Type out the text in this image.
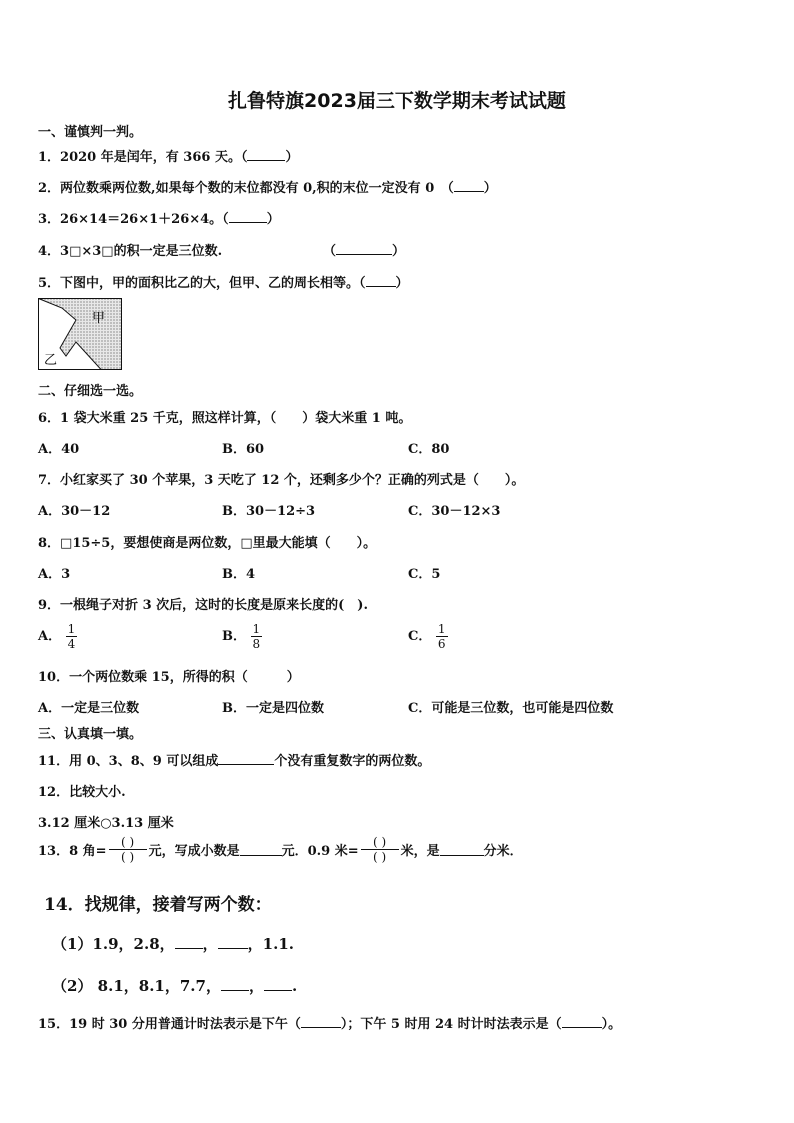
扎鲁特旗2023届三下数学期末考试试题
一、谨慎判一判。
1．2020 年是闰年，有 366 天。（	）
2．两位数乘两位数,如果每个数的末位都没有 0,积的末位一定没有 0　（ ）
3．26×14＝26×1＋26×4。（	）
4．3□×3□的积一定是三位数.	（	）
5．下图中，甲的面积比乙的大，但甲、乙的周长相等。（ ）
甲
乙
二、仔细选一选。
6．1 袋大米重 25 千克，照这样计算，（　　）袋大米重 1 吨。
A．40	B．60	C．80
7．小红家买了 30 个苹果，3 天吃了 12 个，还剩多少个？正确的列式是（　　）。
A．30－12	B．30－12÷3	C．30－12×3
8．□15÷5，要想使商是两位数，□里最大能填（　　）。
A．3	B．4	C．5
9．一根绳子对折 3 次后，这时的长度是原来长度的(　).
A． $\frac{1}{4}$	B． $\frac{1}{8}$	C． $\frac{1}{6}$
10．一个两位数乘 15，所得的积（　　　）
A．一定是三位数	B．一定是四位数	C．可能是三位数，也可能是四位数
三、认真填一填。
11．用 0、3、8、9 可以组成	个没有重复数字的两位数。
12．比较大小.
3.12 厘米○3.13 厘米
13．8 角= $\frac{( )}{( )}$ 元，写成小数是	元．0.9 米= $\frac{( )}{( )}$ 米，是	分米．
14．找规律，接着写两个数：
（1）1.9，2.8， ， ，1.1.
（2） 8.1，8.1，7.7， ， .
15．19 时 30 分用普通计时法表示是下午（	）；下午 5 时用 24 时计时法表示是（	）。
